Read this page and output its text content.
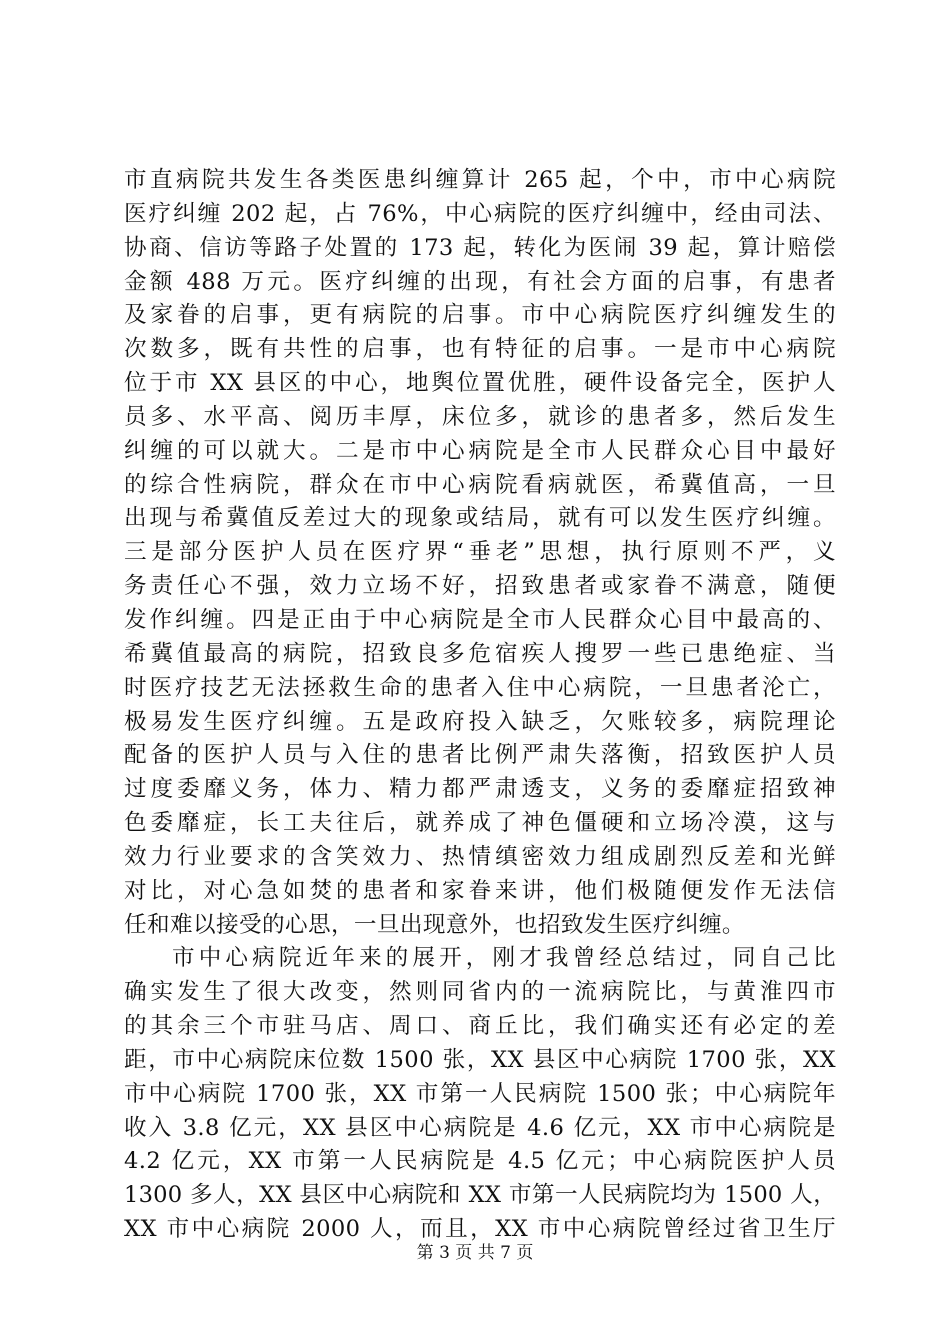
市直病院共发生各类医患纠缠算计 265 起，个中，市中心病院
医疗纠缠 202 起，占 76%，中心病院的医疗纠缠中，经由司法、
协商、信访等路子处置的 173 起，转化为医闹 39 起，算计赔偿
金额 488 万元。医疗纠缠的出现，有社会方面的启事，有患者
及家眷的启事，更有病院的启事。市中心病院医疗纠缠发生的
次数多，既有共性的启事，也有特征的启事。一是市中心病院
位于市 XX 县区的中心，地舆位置优胜，硬件设备完全，医护人
员多、水平高、阅历丰厚，床位多，就诊的患者多，然后发生
纠缠的可以就大。二是市中心病院是全市人民群众心目中最好
的综合性病院，群众在市中心病院看病就医，希冀值高，一旦
出现与希冀值反差过大的现象或结局，就有可以发生医疗纠缠。
三是部分医护人员在医疗界“垂老”思想，执行原则不严，义
务责任心不强，效力立场不好，招致患者或家眷不满意，随便
发作纠缠。四是正由于中心病院是全市人民群众心目中最高的、
希冀值最高的病院，招致良多危宿疾人搜罗一些已患绝症、当
时医疗技艺无法拯救生命的患者入住中心病院，一旦患者沦亡，
极易发生医疗纠缠。五是政府投入缺乏，欠账较多，病院理论
配备的医护人员与入住的患者比例严肃失落衡，招致医护人员
过度委靡义务，体力、精力都严肃透支，义务的委靡症招致神
色委靡症，长工夫往后，就养成了神色僵硬和立场冷漠，这与
效力行业要求的含笑效力、热情缜密效力组成剧烈反差和光鲜
对比，对心急如焚的患者和家眷来讲，他们极随便发作无法信
任和难以接受的心思，一旦出现意外，也招致发生医疗纠缠。
市中心病院近年来的展开，刚才我曾经总结过，同自己比
确实发生了很大改变，然则同省内的一流病院比，与黄淮四市
的其余三个市驻马店、周口、商丘比，我们确实还有必定的差
距，市中心病院床位数 1500 张，XX 县区中心病院 1700 张，XX
市中心病院 1700 张，XX 市第一人民病院 1500 张；中心病院年
收入 3.8 亿元，XX 县区中心病院是 4.6 亿元，XX 市中心病院是
4.2 亿元，XX 市第一人民病院是 4.5 亿元；中心病院医护人员
1300 多人，XX 县区中心病院和 XX 市第一人民病院均为 1500 人，
XX 市中心病院 2000 人，而且，XX 市中心病院曾经过省卫生厅
第 3 页 共 7 页
